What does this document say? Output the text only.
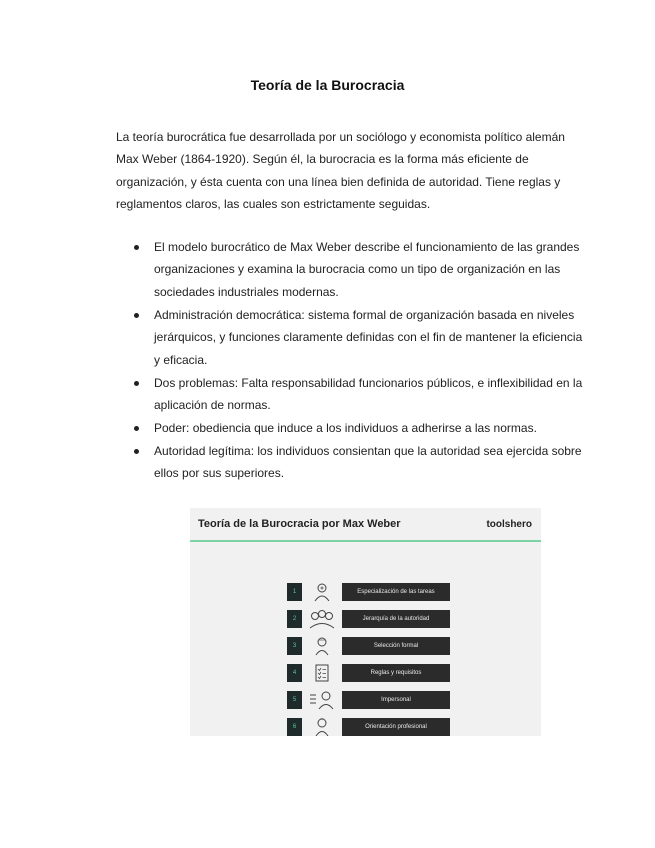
Teoría de la Burocracia
La teoría burocrática fue desarrollada por un sociólogo y economista político alemán Max Weber (1864-1920). Según él, la burocracia es la forma más eficiente de organización, y ésta cuenta con una línea bien definida de autoridad. Tiene reglas y reglamentos claros, las cuales son estrictamente seguidas.
El modelo burocrático de Max Weber describe el funcionamiento de las grandes organizaciones y examina la burocracia como un tipo de organización en las sociedades industriales modernas.
Administración democrática: sistema formal de organización basada en niveles jerárquicos, y funciones claramente definidas con el fin de mantener la eficiencia y eficacia.
Dos problemas: Falta responsabilidad funcionarios públicos, e inflexibilidad en la aplicación de normas.
Poder: obediencia que induce a los individuos a adherirse a las normas.
Autoridad legítima: los individuos consientan que la autoridad sea ejercida sobre ellos por sus superiores.
Teoría de la Burocracia por Max Weber	toolshero
1	Especialización de las tareas
2	Jerarquía de la autoridad
3	Selección formal
4	Reglas y requisitos
5	Impersonal
6	Orientación profesional
